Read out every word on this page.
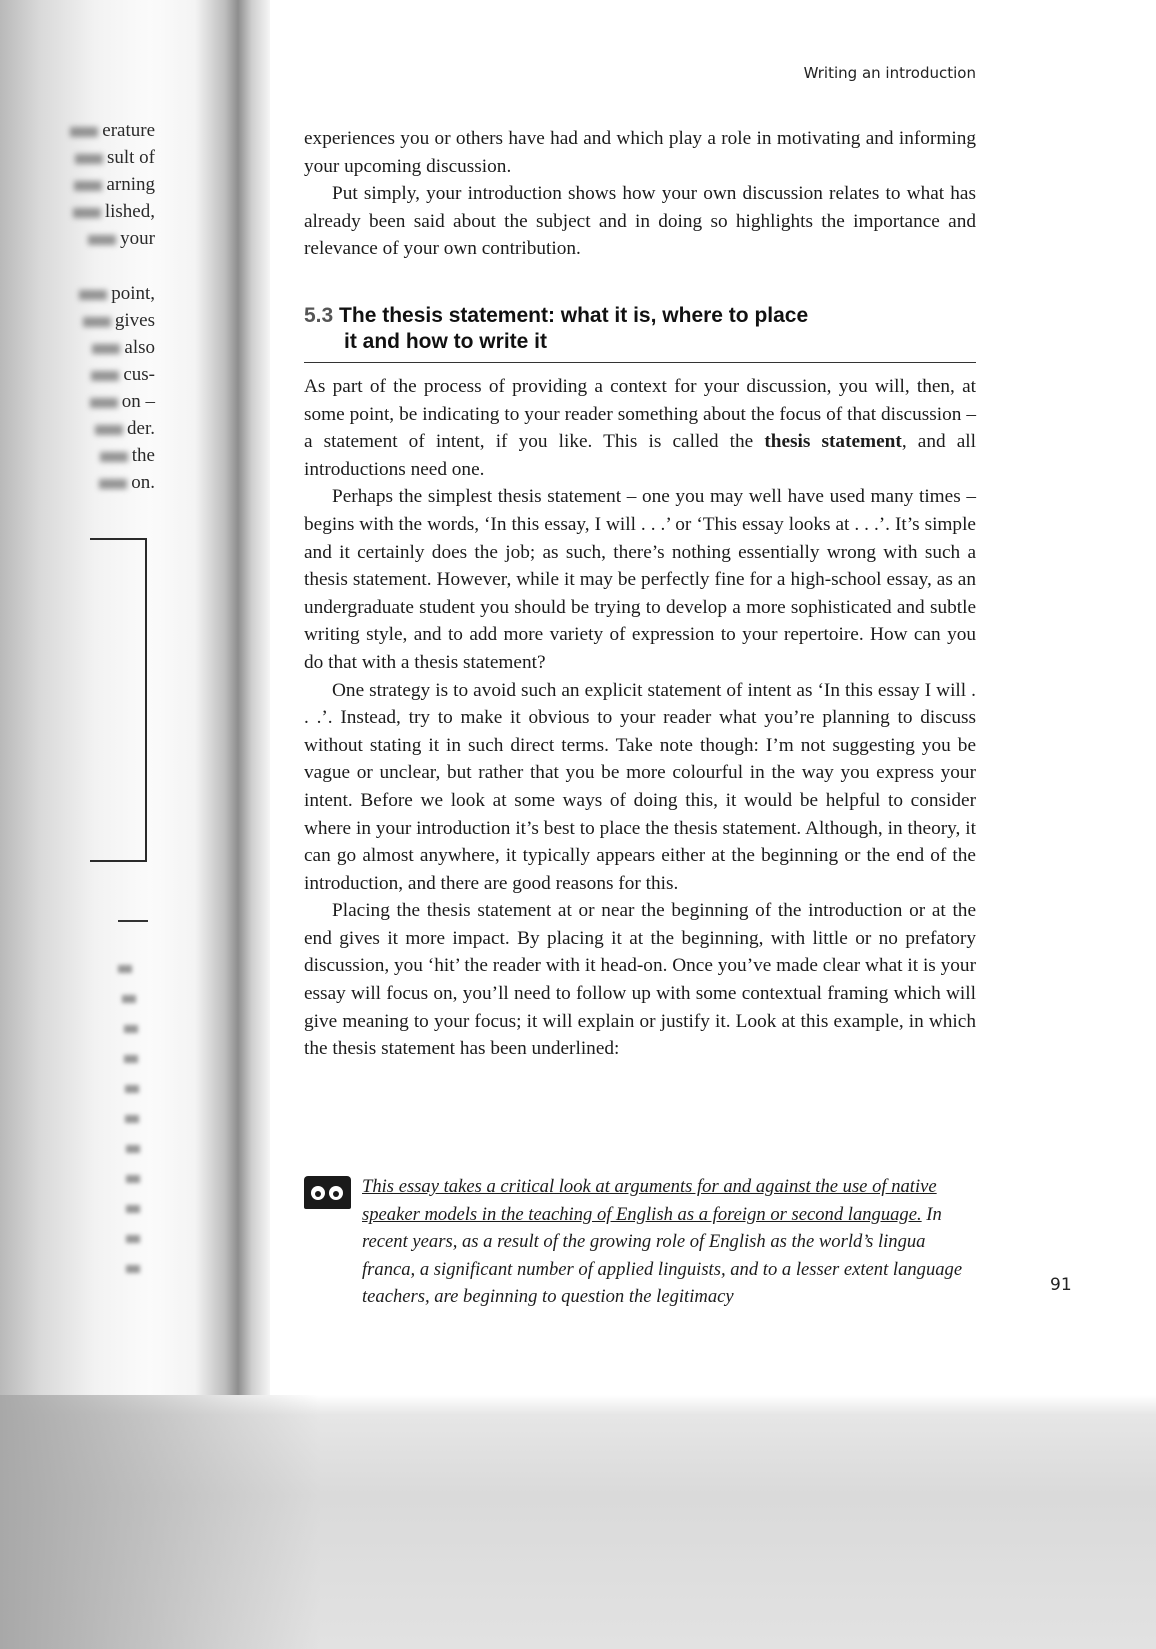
erature
sult of
arning
lished,
your
point,
gives
also
cus-
on –
der.
the
on.
Writing an introduction

experiences you or others have had and which play a role in motivating and informing your upcoming discussion.

Put simply, your introduction shows how your own discussion relates to what has already been said about the subject and in doing so highlights the importance and relevance of your own contribution.

5.3 The thesis statement: what it is, where to place
it and how to write it

As part of the process of providing a context for your discussion, you will, then, at some point, be indicating to your reader something about the focus of that discussion – a statement of intent, if you like. This is called the thesis statement, and all introductions need one.

Perhaps the simplest thesis statement – one you may well have used many times – begins with the words, ‘In this essay, I will . . .’ or ‘This essay looks at . . .’. It’s simple and it certainly does the job; as such, there’s nothing essentially wrong with such a thesis statement. However, while it may be perfectly fine for a high-school essay, as an undergraduate student you should be trying to develop a more sophisticated and subtle writing style, and to add more variety of expression to your repertoire. How can you do that with a thesis statement?

One strategy is to avoid such an explicit statement of intent as ‘In this essay I will . . .’. Instead, try to make it obvious to your reader what you’re planning to discuss without stating it in such direct terms. Take note though: I’m not suggesting you be vague or unclear, but rather that you be more colourful in the way you express your intent. Before we look at some ways of doing this, it would be helpful to consider where in your introduction it’s best to place the thesis statement. Although, in theory, it can go almost anywhere, it typically appears either at the beginning or the end of the introduction, and there are good reasons for this.

Placing the thesis statement at or near the beginning of the introduction or at the end gives it more impact. By placing it at the beginning, with little or no prefatory discussion, you ‘hit’ the reader with it head-on. Once you’ve made clear what it is your essay will focus on, you’ll need to follow up with some contextual framing which will give meaning to your focus; it will explain or justify it. Look at this example, in which the thesis statement has been underlined:

This essay takes a critical look at arguments for and against the use of native speaker models in the teaching of English as a foreign or second language. In recent years, as a result of the growing role of English as the world’s lingua franca, a significant number of applied linguists, and to a lesser extent language teachers, are beginning to question the legitimacy
91
